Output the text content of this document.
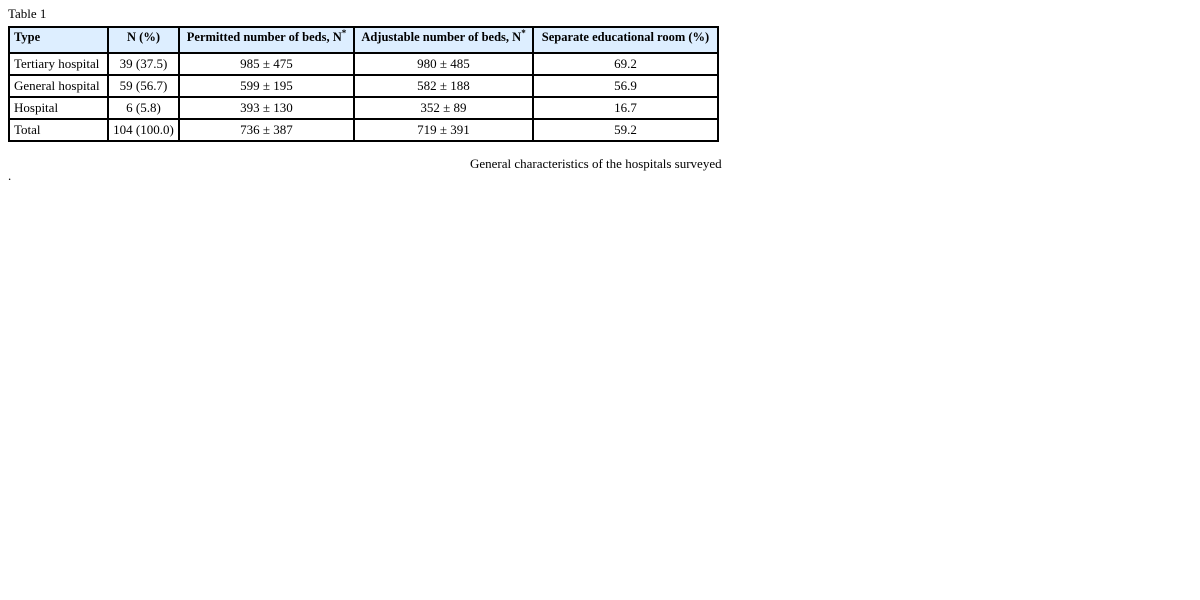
Table 1
Type	N (%)	Permitted number of beds, N*	Adjustable number of beds, N*	Separate educational room (%)
Tertiary hospital	39 (37.5)	985 ± 475	980 ± 485	69.2
General hospital	59 (56.7)	599 ± 195	582 ± 188	56.9
Hospital	6 (5.8)	393 ± 130	352 ± 89	16.7
Total	104 (100.0)	736 ± 387	719 ± 391	59.2
General characteristics of the hospitals surveyed
.
